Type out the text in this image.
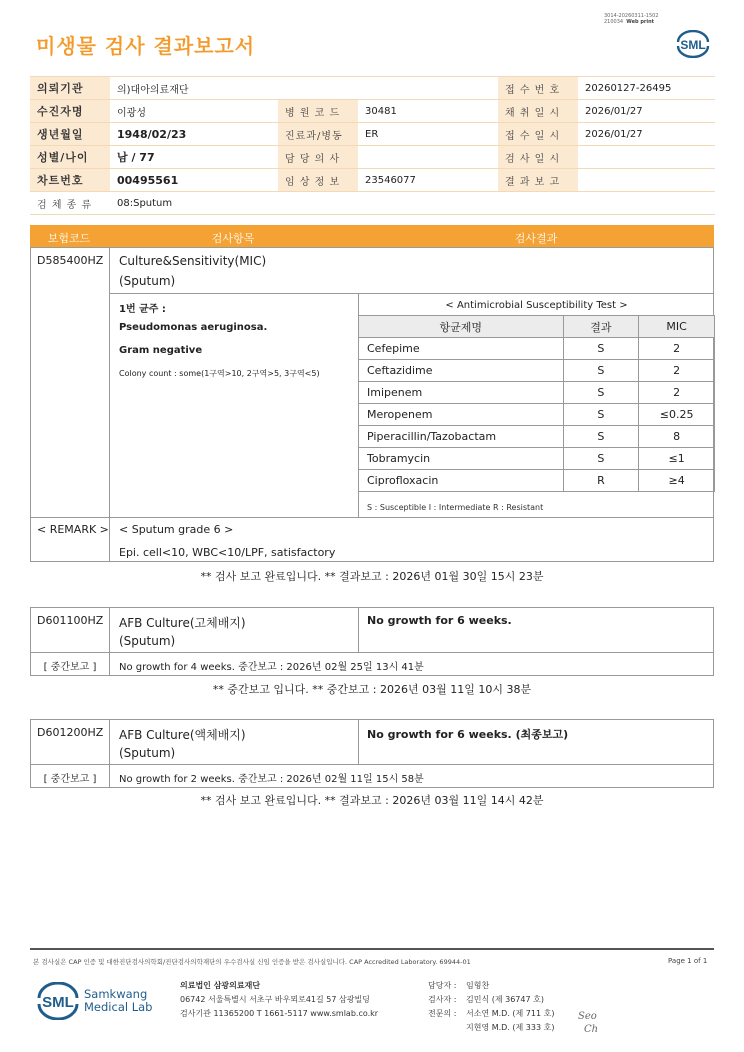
미생물 검사 결과보고서
3014-20260311-1502
210034 Web print
SML
의뢰기관	의)대아의료재단			접 수 번 호	20260127-26495
수진자명	이광성	병 원 코 드	30481	채 취 일 시	2026/01/27
생년월일	1948/02/23	진료과/병동	ER	접 수 일 시	2026/01/27
성별/나이	남 / 77	담 당 의 사		검 사 일 시	
차트번호	00495561	임 상 정 보	23546077	결 과 보 고	
검 체 종 류	08:Sputum				
보험코드	검사항목	검사결과
D585400HZ Culture&Sensitivity(MIC)
(Sputum)
1번 균주 :
Pseudomonas aeruginosa.
Gram negative
Colony count : some(1구역>10, 2구역>5, 3구역<5)
< Antimicrobial Susceptibility Test >
항균제명	결과	MIC
Cefepime	S	2
Ceftazidime	S	2
Imipenem	S	2
Meropenem	S	≤0.25
Piperacillin/Tazobactam	S	8
Tobramycin	S	≤1
Ciprofloxacin	R	≥4
S : Susceptible I : Intermediate R : Resistant
< REMARK > < Sputum grade 6 >
Epi. cell<10, WBC<10/LPF, satisfactory
** 검사 보고 완료입니다. ** 결과보고 : 2026년 01월 30일 15시 23분
D601100HZ AFB Culture(고체배지)
(Sputum)
No growth for 6 weeks.
[ 중간보고 ]	No growth for 4 weeks. 중간보고 : 2026년 02월 25일 13시 41분
** 중간보고 입니다. ** 중간보고 : 2026년 03월 11일 10시 38분
D601200HZ AFB Culture(액체배지)
(Sputum)
No growth for 6 weeks. (최종보고)
[ 중간보고 ]	No growth for 2 weeks. 중간보고 : 2026년 02월 11일 15시 58분
** 검사 보고 완료입니다. ** 결과보고 : 2026년 03월 11일 14시 42분
본 검사실은 CAP 인증 및 대한진단검사의학회/진단검사의학재단의 우수검사실 신임 인증을 받은 검사실입니다. CAP Accredited Laboratory. 69944-01	Page 1 of 1
SML Samkwang
Medical Lab
의료법인 삼광의료재단
06742 서울특별시 서초구 바우뫼로41길 57 삼광빌딩
검사기관 11365200 T 1661-5117 www.smlab.co.kr
담당자 : 임형찬
검사자 : 김민식 (제 36747 호)
전문의 : 서소연 M.D. (제 711 호)
지현영 M.D. (제 333 호)
Seo
Ch
